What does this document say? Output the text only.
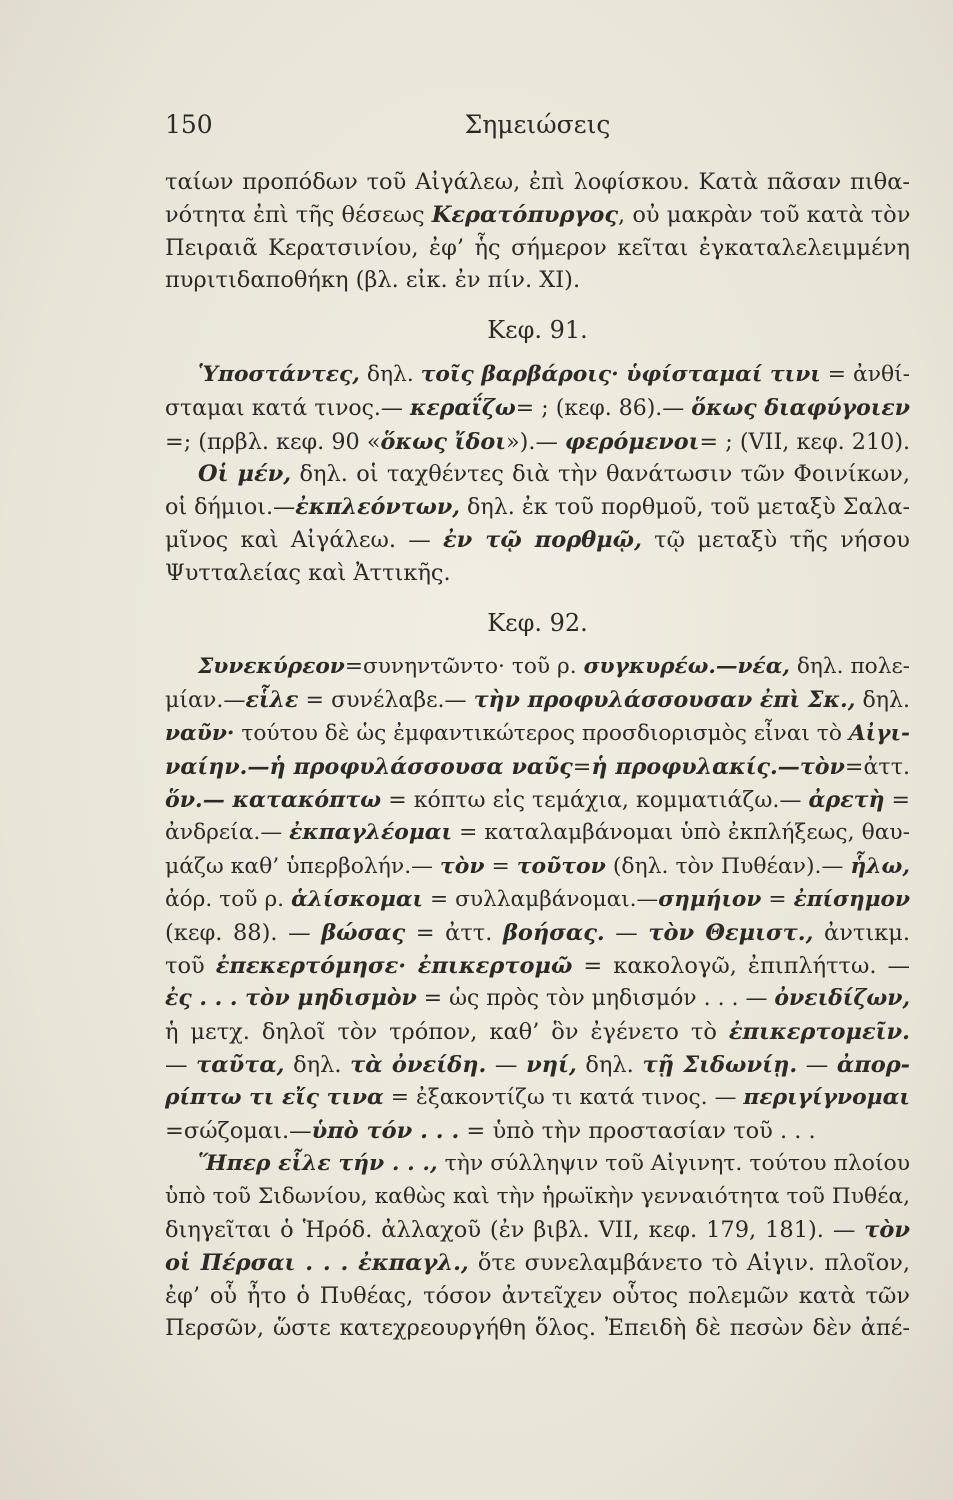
150	Σημειώσεις
ταίων προπόδων τοῦ Αἰγάλεω, ἐπὶ λοφίσκου. Κατὰ πᾶσαν πιθα-
νότητα ἐπὶ τῆς θέσεως Κερατόπυργος, οὐ μακρὰν τοῦ κατὰ τὸν
Πειραιᾶ Κερατσινίου, ἐφ’ ἧς σήμερον κεῖται ἐγκαταλελειμμένη
πυριτιδαποθήκη (βλ. εἰκ. ἐν πίν. XI).
Κεφ. 91.
Ὑποστάντες, δηλ. τοῖς βαρβάροις· ὑφίσταμαί τινι = ἀνθί-
σταμαι κατά τινος.— κεραΐζω= ; (κεφ. 86).— ὅκως διαφύγοιεν
=; (πρβλ. κεφ. 90 «ὅκως ἴδοι»).— φερόμενοι= ; (VII, κεφ. 210).
Οἱ μέν, δηλ. οἱ ταχθέντες διὰ τὴν θανάτωσιν τῶν Φοινίκων,
οἱ δήμιοι.—ἐκπλεόντων, δηλ. ἐκ τοῦ πορθμοῦ, τοῦ μεταξὺ Σαλα-
μῖνος καὶ Αἰγάλεω. — ἐν τῷ πορθμῷ, τῷ μεταξὺ τῆς νήσου
Ψυτταλείας καὶ Ἀττικῆς.
Κεφ. 92.
Συνεκύρεον=συνηντῶντο· τοῦ ρ. συγκυρέω.—νέα, δηλ. πολε-
μίαν.—εἷλε = συνέλαβε.— τὴν προφυλάσσουσαν ἐπὶ Σκ., δηλ.
ναῦν· τούτου δὲ ὡς ἐμφαντικώτερος προσδιορισμὸς εἶναι τὸ Αἰγι-
ναίην.—ἡ προφυλάσσουσα ναῦς=ἡ προφυλακίς.—τὸν=ἀττ.
ὅν.— κατακόπτω = κόπτω εἰς τεμάχια, κομματιάζω.— ἀρετὴ =
ἀνδρεία.— ἐκπαγλέομαι = καταλαμβάνομαι ὑπὸ ἐκπλήξεως, θαυ-
μάζω καθ’ ὑπερβολήν.— τὸν = τοῦτον (δηλ. τὸν Πυθέαν).— ἧλω,
ἀόρ. τοῦ ρ. ἁλίσκομαι = συλλαμβάνομαι.—σημήιον = ἐπίσημον
(κεφ. 88). — βώσας = ἀττ. βοήσας. — τὸν Θεμιστ., ἀντικμ.
τοῦ ἐπεκερτόμησε· ἐπικερτομῶ = κακολογῶ, ἐπιπλήττω. —
ἐς . . . τὸν μηδισμὸν = ὡς πρὸς τὸν μηδισμόν . . . — ὀνειδίζων,
ἡ μετχ. δηλοῖ τὸν τρόπον, καθ’ ὃν ἐγένετο τὸ ἐπικερτομεῖν.
— ταῦτα, δηλ. τὰ ὀνείδη. — νηί, δηλ. τῇ Σιδωνίῃ. — ἀπορ-
ρίπτω τι εἴς τινα = ἐξακοντίζω τι κατά τινος. — περιγίγνομαι
=σώζομαι.—ὑπὸ τόν . . . = ὑπὸ τὴν προστασίαν τοῦ . . .
Ἥπερ εἷλε τήν . . ., τὴν σύλληψιν τοῦ Αἰγινητ. τούτου πλοίου
ὑπὸ τοῦ Σιδωνίου, καθὼς καὶ τὴν ἡρωϊκὴν γενναιότητα τοῦ Πυθέα,
διηγεῖται ὁ Ἡρόδ. ἀλλαχοῦ (ἐν βιβλ. VII, κεφ. 179, 181). — τὸν
οἱ Πέρσαι . . . ἐκπαγλ., ὅτε συνελαμβάνετο τὸ Αἰγιν. πλοῖον,
ἐφ’ οὗ ἦτο ὁ Πυθέας, τόσον ἀντεῖχεν οὗτος πολεμῶν κατὰ τῶν
Περσῶν, ὥστε κατεχρεουργήθη ὅλος. Ἐπειδὴ δὲ πεσὼν δὲν ἀπέ-
